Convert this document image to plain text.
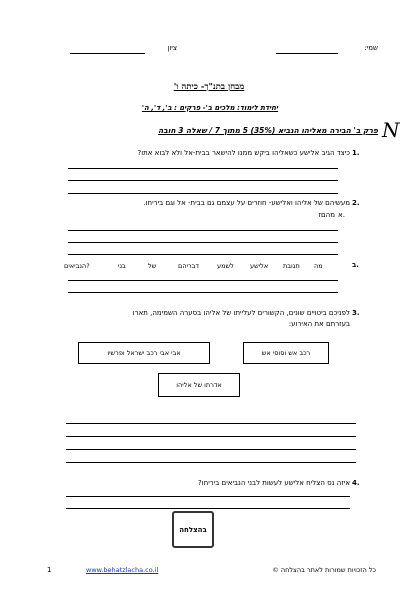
שמי:
ציון
מבחן בתנ"ך- כיתה ו'
יחידת לימוד: מלכים ב'- פרקים : ב', ד', ה'
פרק ב' הבירה מאליהו הנביא (35%) 5 מתוך 7 / שאלה 3 חובה N
1.
כיצד הגיב אלישע כשאליהו ביקש ממנו להישאר בבית-אל ולא לבוא אתו?
2.
מעשיהם של אליהו ואלישע- חוזרים על עצמם גם בבית- אל וגם ביריחו.
א.
מהםז
ב.
מה
תגובת
אלישע
לשמע
דבריהם
של
בני
הנביאים?
3.
לפניכם ביטויים שונים, הקשורים לעלייתו של אליהו בסערה השמימה, תארו
בעזרתם את האירוע:
רכב אש וסוסי אש
אבי אבי רכב ישראל ופרשיו
אדרתו של אליהו
4.
איזה נס הצליח אלישע לעשות לבני הנביאים ביריחו?
בהצלחה
1	www.behatzlacha.co.il	כל הזכויות שמורות לאתר בהצלחה ©
